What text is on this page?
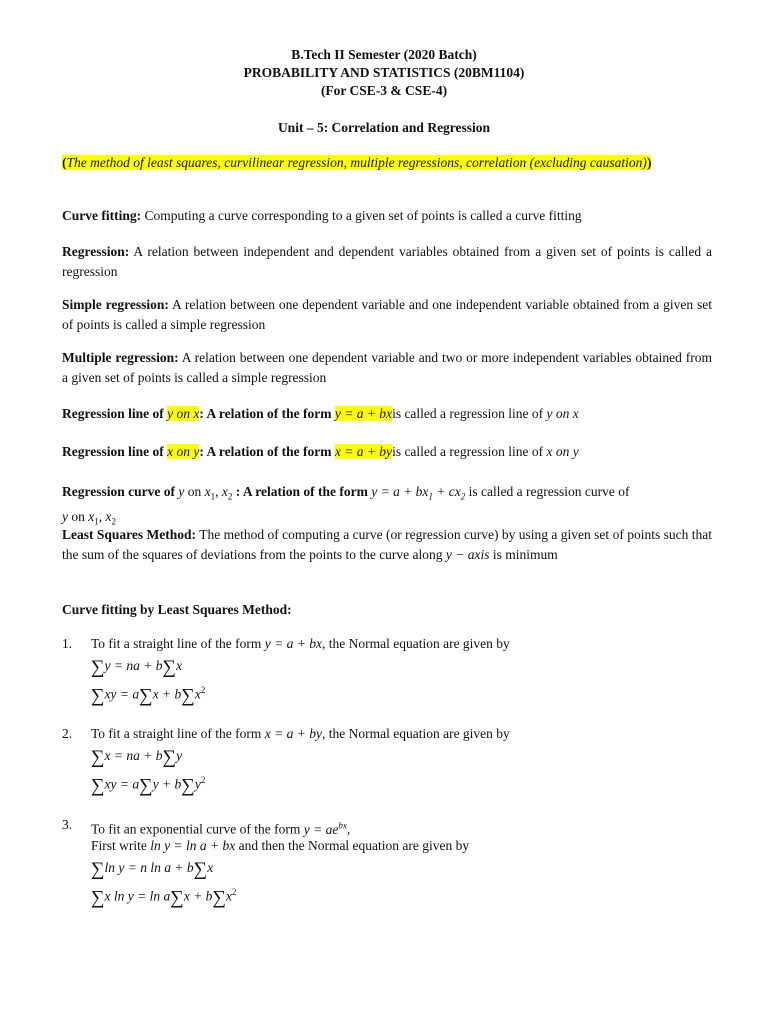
B.Tech II Semester (2020 Batch)
PROBABILITY AND STATISTICS (20BM1104)
(For CSE-3 & CSE-4)
Unit – 5: Correlation and Regression
(The method of least squares, curvilinear regression, multiple regressions, correlation (excluding causation))
Curve fitting: Computing a curve corresponding to a given set of points is called a curve fitting
Regression: A relation between independent and dependent variables obtained from a given set of points is called a regression
Simple regression: A relation between one dependent variable and one independent variable obtained from a given set of points is called a simple regression
Multiple regression: A relation between one dependent variable and two or more independent variables obtained from a given set of points is called a simple regression
Regression line of y on x: A relation of the form y = a + bxis called a regression line of y on x
Regression line of x on y: A relation of the form x = a + byis called a regression line of x on y
Regression curve of y on $x_1$, $x_2$ : A relation of the form $y = a + bx_1 + cx_2$ is called a regression curve of
y on $x_1$, $x_2$
Least Squares Method: The method of computing a curve (or regression curve) by using a given set of points such that the sum of the squares of deviations from the points to the curve along y − axis is minimum
Curve fitting by Least Squares Method:
1. To fit a straight line of the form y = a + bx, the Normal equation are given by
∑y = na + b∑x
$\sum xy = a\sum x + b\sum x^2$
2. To fit a straight line of the form x = a + by, the Normal equation are given by
∑x = na + b∑y
$\sum xy = a\sum y + b\sum y^2$
3. To fit an exponential curve of the form $y = ae^{bx}$,
First write ln y = ln a + bx and then the Normal equation are given by
∑ln y = n ln a + b∑x
∑x $\ln y = \ln a\sum x + b\sum x^2$
